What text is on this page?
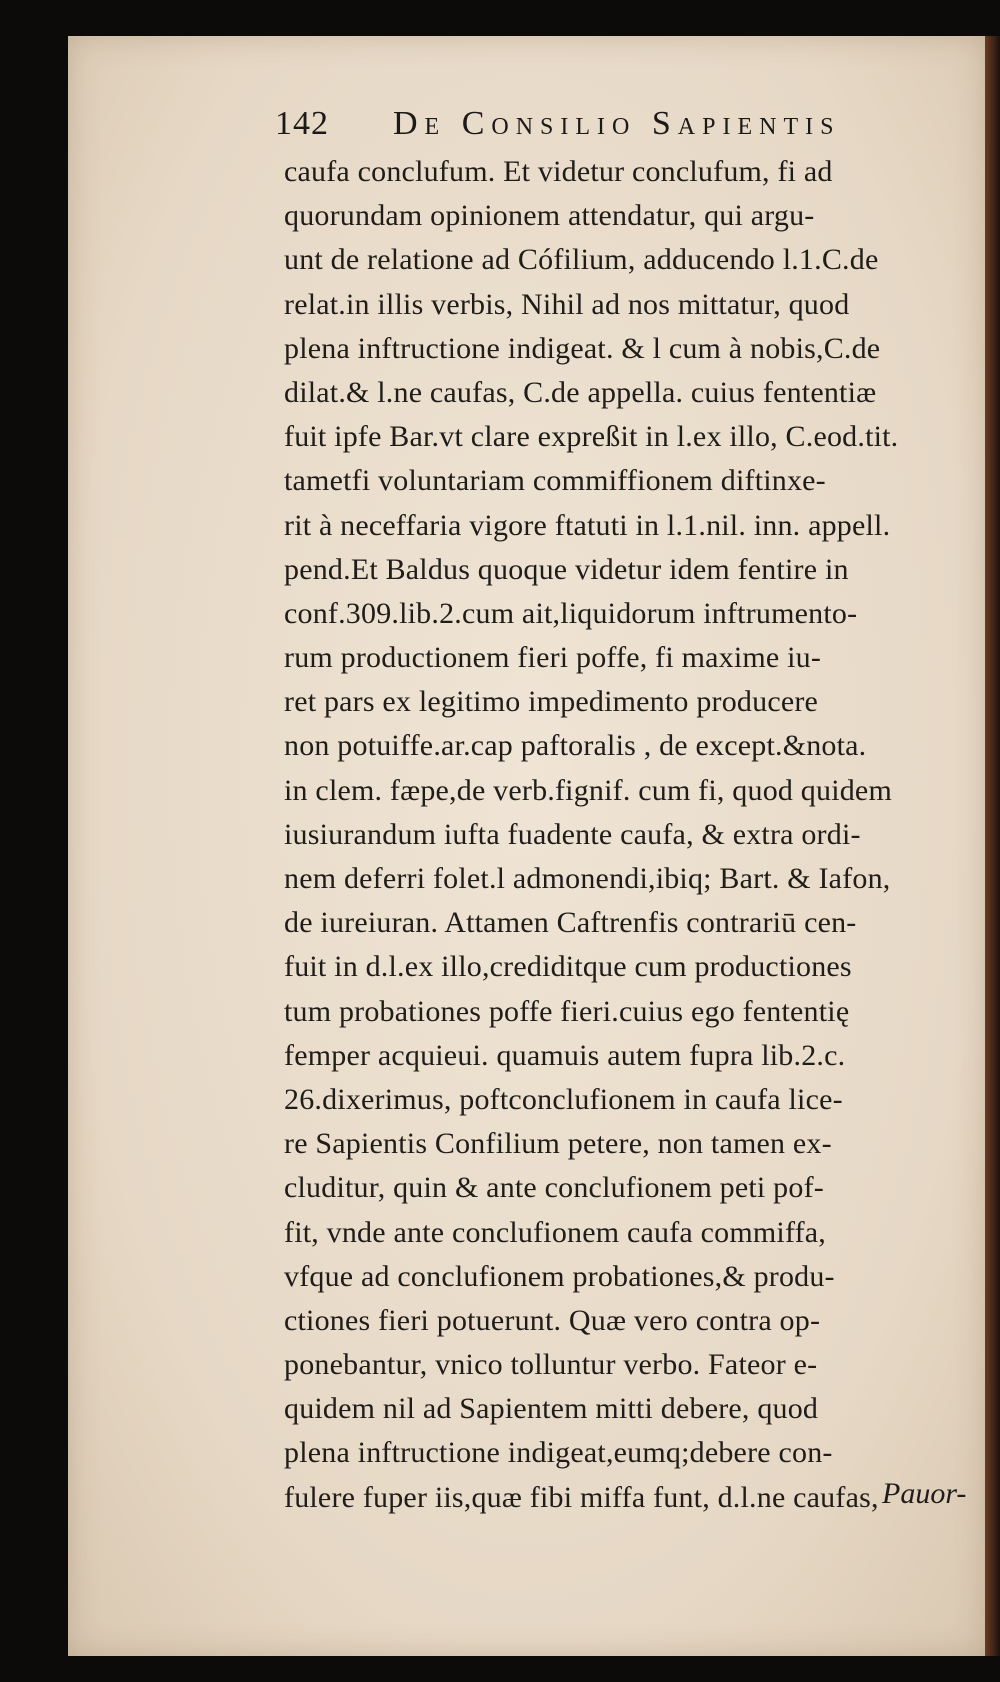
142 De Consilio Sapientis
caufa conclufum. Et videtur conclufum, fi ad
quorundam opinionem attendatur, qui argu-
unt de relatione ad Cófilium, adducendo l.1.C.de
relat.in illis verbis, Nihil ad nos mittatur, quod
plena inftructione indigeat. & l cum à nobis,C.de
dilat.& l.ne caufas, C.de appella. cuius fententiæ
fuit ipfe Bar.vt clare expreßit in l.ex illo, C.eod.tit.
tametfi voluntariam commiffionem diftinxe-
rit à neceffaria vigore ftatuti in l.1.nil. inn. appell.
pend.Et Baldus quoque videtur idem fentire in
conf.309.lib.2.cum ait,liquidorum inftrumento-
rum productionem fieri poffe, fi maxime iu-
ret pars ex legitimo impedimento producere
non potuiffe.ar.cap paftoralis , de except.&nota.
in clem. fæpe,de verb.fignif. cum fi, quod quidem
iusiurandum iufta fuadente caufa, & extra ordi-
nem deferri folet.l admonendi,ibiq; Bart. & Iafon,
de iureiuran. Attamen Caftrenfis contrariū cen-
fuit in d.l.ex illo,crediditque cum productiones
tum probationes poffe fieri.cuius ego fententię
femper acquieui. quamuis autem fupra lib.2.c.
26.dixerimus, poftconclufionem in caufa lice-
re Sapientis Confilium petere, non tamen ex-
cluditur, quin & ante conclufionem peti pof-
fit, vnde ante conclufionem caufa commiffa,
vfque ad conclufionem probationes,& produ-
ctiones fieri potuerunt. Quæ vero contra op-
ponebantur, vnico tolluntur verbo. Fateor e-
quidem nil ad Sapientem mitti debere, quod
plena inftructione indigeat,eumq;debere con-
fulere fuper iis,quæ fibi miffa funt, d.l.ne caufas, Pauor-
